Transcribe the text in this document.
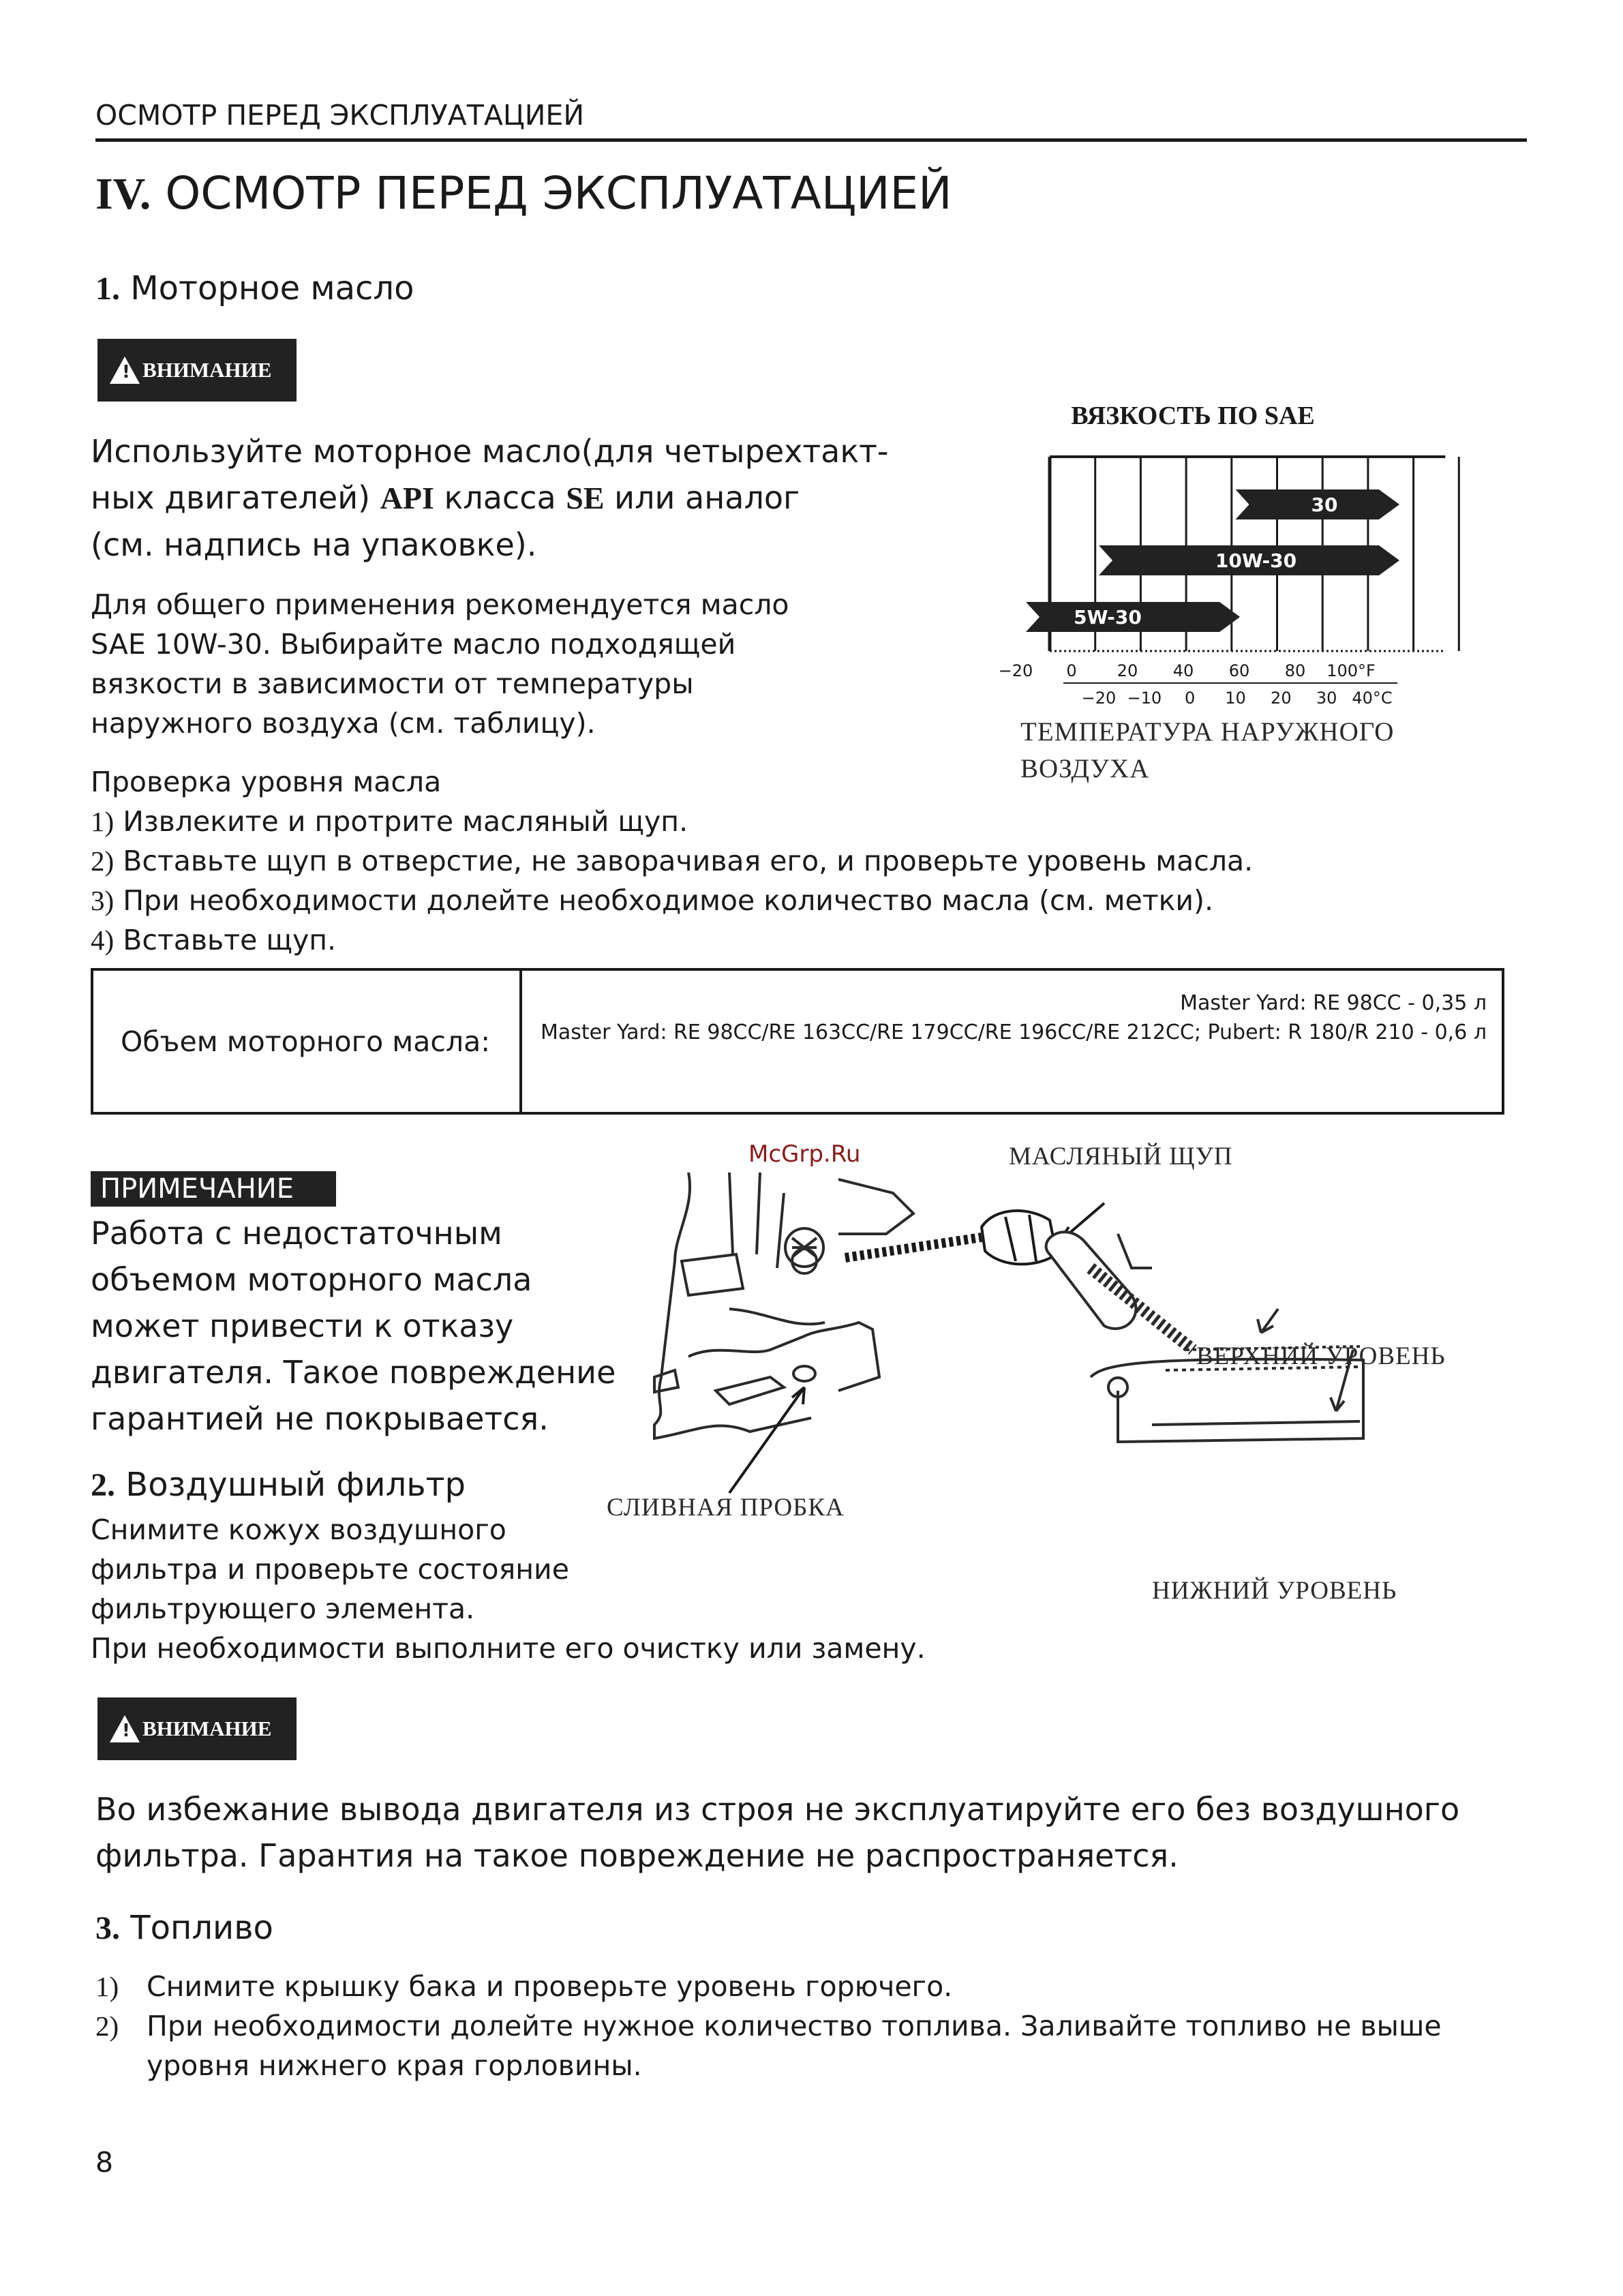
ОСМОТР ПЕРЕД ЭКСПЛУАТАЦИЕЙ
IV. ОСМОТР ПЕРЕД ЭКСПЛУАТАЦИЕЙ
1. Моторное масло
! ВНИМАНИЕ
Используйте моторное масло(для четырехтакт-
ных двигателей) API класса SE или аналог
(см. надпись на упаковке).
Для общего применения рекомендуется масло
SAE 10W-30. Выбирайте масло подходящей
вязкости в зависимости от температуры
наружного воздуха (см. таблицу).
ВЯЗКОСТЬ ПО SAE
30
10W-30
5W-30
−20 0 20 40 60 80 100°F
−20 −10 0 10 20 30 40°C
ТЕМПЕРАТУРА НАРУЖНОГО ВОЗДУХА
Проверка уровня масла
1) Извлеките и протрите масляный щуп.
2) Вставьте щуп в отверстие, не заворачивая его, и проверьте уровень масла.
3) При необходимости долейте необходимое количество масла (см. метки).
4) Вставьте щуп.
Объем моторного масла:
Master Yard: RE 98CC - 0,35 л
Master Yard: RE 98CC/RE 163CC/RE 179CC/RE 196CC/RE 212CC; Pubert: R 180/R 210 - 0,6 л
ПРИМЕЧАНИЕ
Работа с недостаточным
объемом моторного масла
может привести к отказу
двигателя. Такое повреждение
гарантией не покрывается.
McGrp.Ru	МАСЛЯНЫЙ ЩУП
СЛИВНАЯ ПРОБКА
ВЕРХНИЙ УРОВЕНЬ
НИЖНИЙ УРОВЕНЬ
2. Воздушный фильтр
Снимите кожух воздушного
фильтра и проверьте состояние
фильтрующего элемента.
При необходимости выполните его очистку или замену.
! ВНИМАНИЕ
Во избежание вывода двигателя из строя не эксплуатируйте его без воздушного
фильтра. Гарантия на такое повреждение не распространяется.
3. Топливо
1) Снимите крышку бака и проверьте уровень горючего.
2) При необходимости долейте нужное количество топлива. Заливайте топливо не выше
уровня нижнего края горловины.
8
